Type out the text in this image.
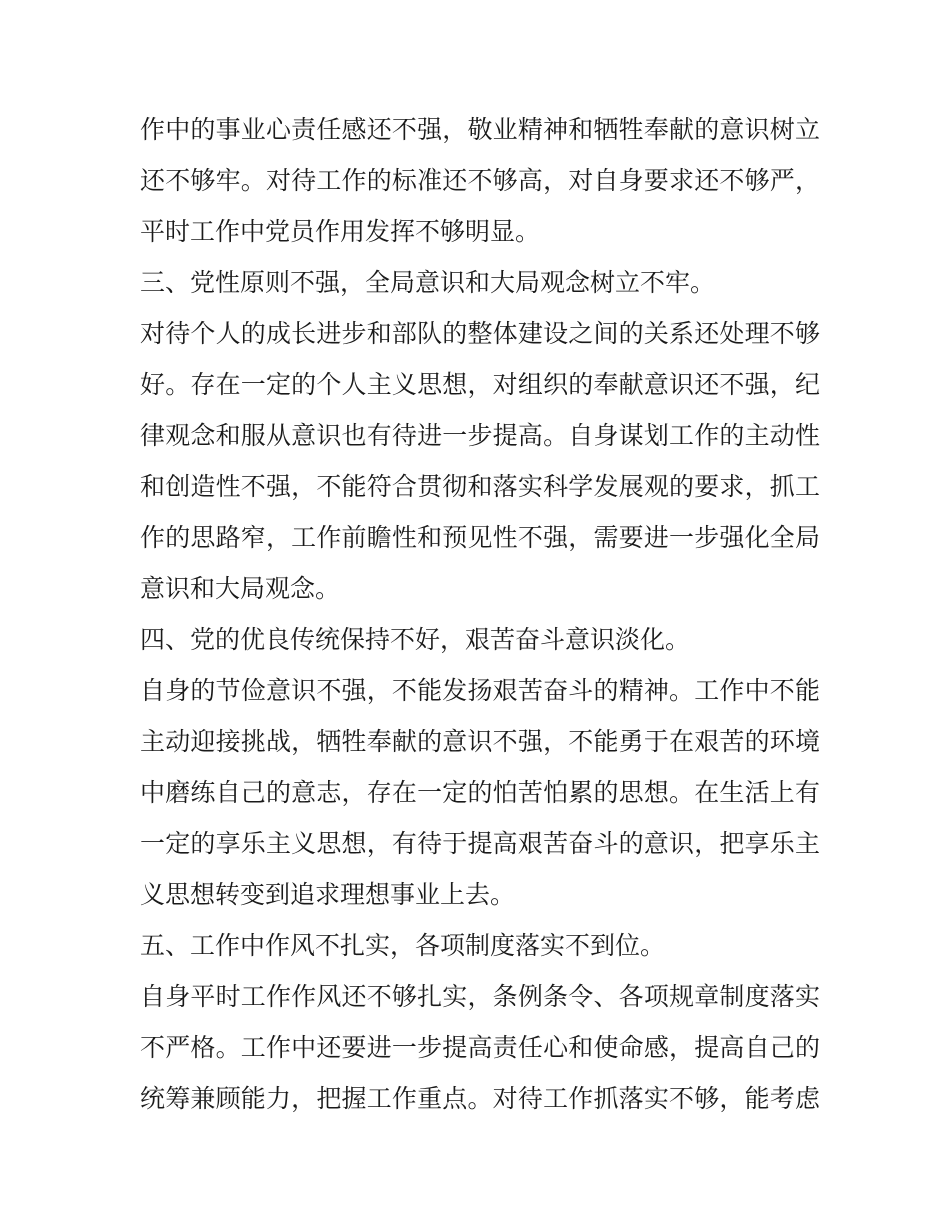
作中的事业心责任感还不强，敬业精神和牺牲奉献的意识树立
还不够牢。对待工作的标准还不够高，对自身要求还不够严，
平时工作中党员作用发挥不够明显。
三、党性原则不强，全局意识和大局观念树立不牢。
对待个人的成长进步和部队的整体建设之间的关系还处理不够
好。存在一定的个人主义思想，对组织的奉献意识还不强，纪
律观念和服从意识也有待进一步提高。自身谋划工作的主动性
和创造性不强，不能符合贯彻和落实科学发展观的要求，抓工
作的思路窄，工作前瞻性和预见性不强，需要进一步强化全局
意识和大局观念。
四、党的优良传统保持不好，艰苦奋斗意识淡化。
自身的节俭意识不强，不能发扬艰苦奋斗的精神。工作中不能
主动迎接挑战，牺牲奉献的意识不强，不能勇于在艰苦的环境
中磨练自己的意志，存在一定的怕苦怕累的思想。在生活上有
一定的享乐主义思想，有待于提高艰苦奋斗的意识，把享乐主
义思想转变到追求理想事业上去。
五、工作中作风不扎实，各项制度落实不到位。
自身平时工作作风还不够扎实，条例条令、各项规章制度落实
不严格。工作中还要进一步提高责任心和使命感，提高自己的
统筹兼顾能力，把握工作重点。对待工作抓落实不够，能考虑
